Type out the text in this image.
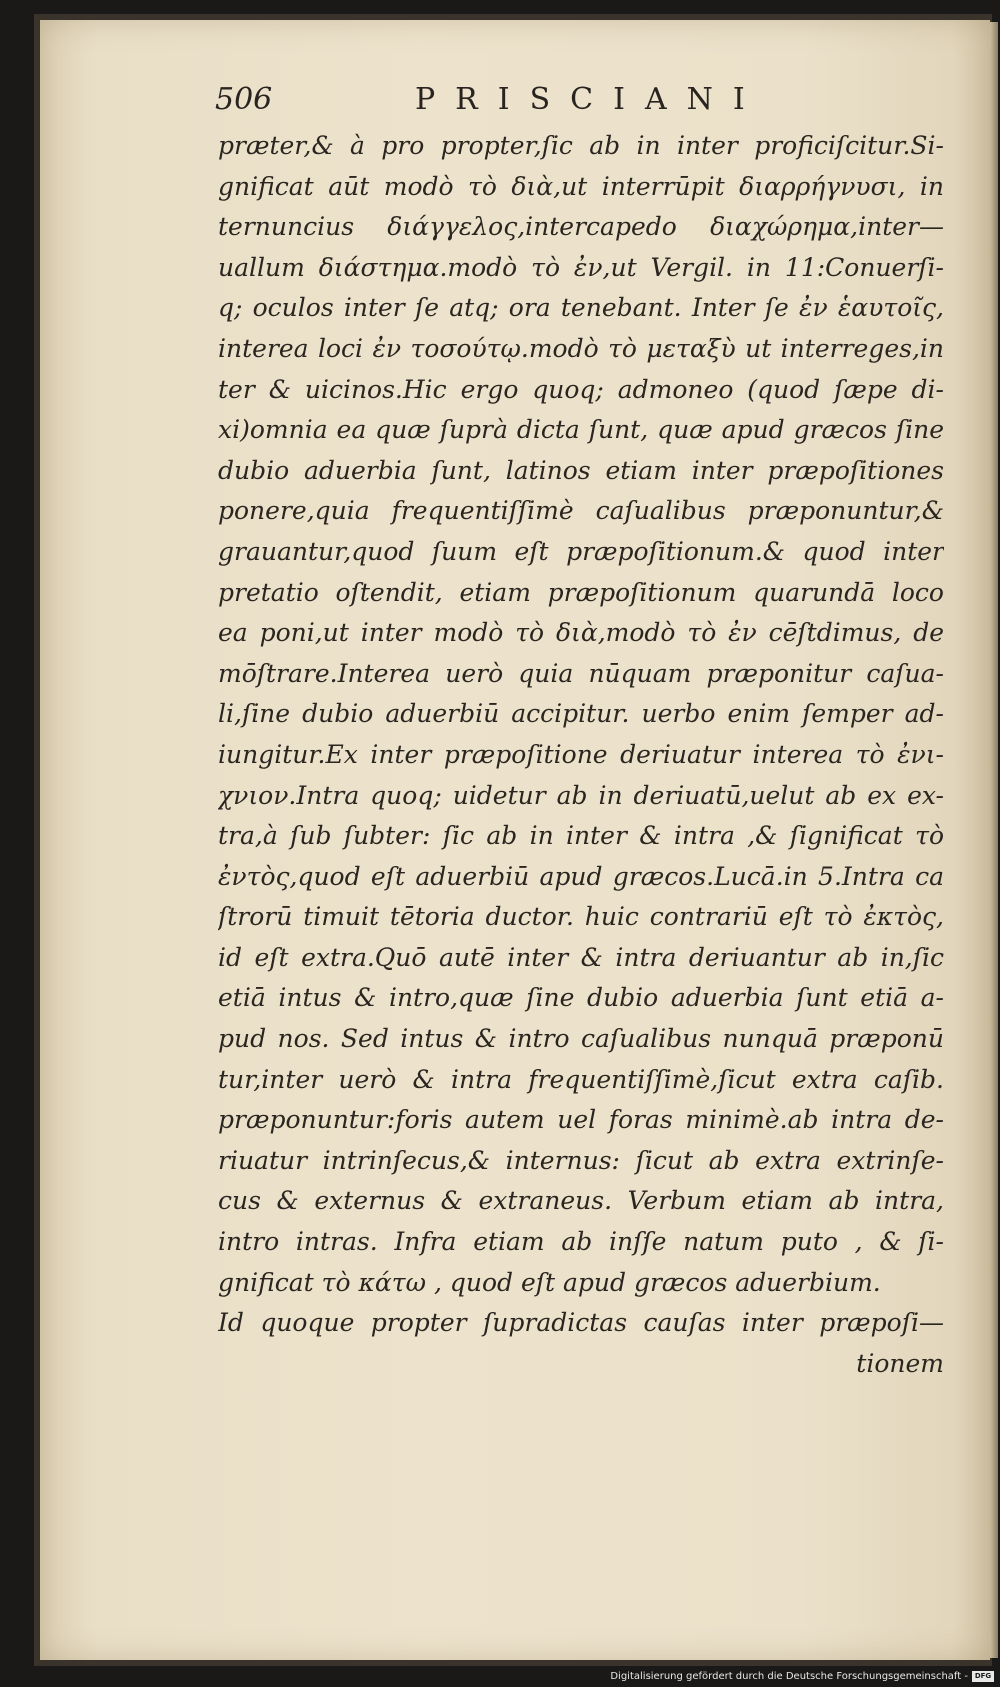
506	PRISCIANI
præter,& à pro propter,ſic ab in inter proficiſcitur.Si-
gnificat aūt modò τὸ διὰ,ut interrūpit διαρρήγνυσι, in
ternuncius διάγγελος,intercapedo διαχώρημα,inter—
uallum διάστημα.modò τὸ ἐν,ut Vergil. in 11:Conuerſi-
q; oculos inter ſe atq; ora tenebant. Inter ſe ἐν ἑαυτοῖς,
interea loci ἐν τοσούτῳ.modò τὸ μεταξὺ ut interreges,in
ter & uicinos.Hic ergo quoq; admoneo (quod ſæpe di-
xi)omnia ea quæ ſuprà dicta ſunt, quæ apud græcos ſine
dubio aduerbia ſunt, latinos etiam inter præpoſitiones
ponere,quia frequentiſſimè caſualibus præponuntur,&
grauantur,quod ſuum eſt præpoſitionum.& quod inter
pretatio oſtendit, etiam præpoſitionum quarundā loco
ea poni,ut inter modò τὸ διὰ,modò τὸ ἐν cēſtdimus, de
mōſtrare.Interea uerò quia nūquam præponitur caſua-
li,ſine dubio aduerbiū accipitur. uerbo enim ſemper ad-
iungitur.Ex inter præpoſitione deriuatur interea τὸ ἐνι-
χνιον.Intra quoq; uidetur ab in deriuatū,uelut ab ex ex-
tra,à ſub ſubter: ſic ab in inter & intra ,& ſignificat τὸ
ἐντὸς,quod eſt aduerbiū apud græcos.Lucā.in 5.Intra ca
ſtrorū timuit tētoria ductor. huic contrariū eſt τὸ ἐκτὸς,
id eſt extra.Quō autē inter & intra deriuantur ab in,ſic
etiā intus & intro,quæ ſine dubio aduerbia ſunt etiā a-
pud nos. Sed intus & intro caſualibus nunquā præponū
tur,inter uerò & intra frequentiſſimè,ſicut extra caſib.
præponuntur:foris autem uel foras minimè.ab intra de-
riuatur intrinſecus,& internus: ſicut ab extra extrinſe-
cus & externus & extraneus. Verbum etiam ab intra,
intro intras. Infra etiam ab inſſe natum puto , & ſi-
gnificat τὸ κάτω , quod eſt apud græcos aduerbium.
Id quoque propter ſupradictas cauſas inter præpoſi—
tionem
Digitalisierung gefördert durch die Deutsche Forschungsgemeinschaft - DFG
